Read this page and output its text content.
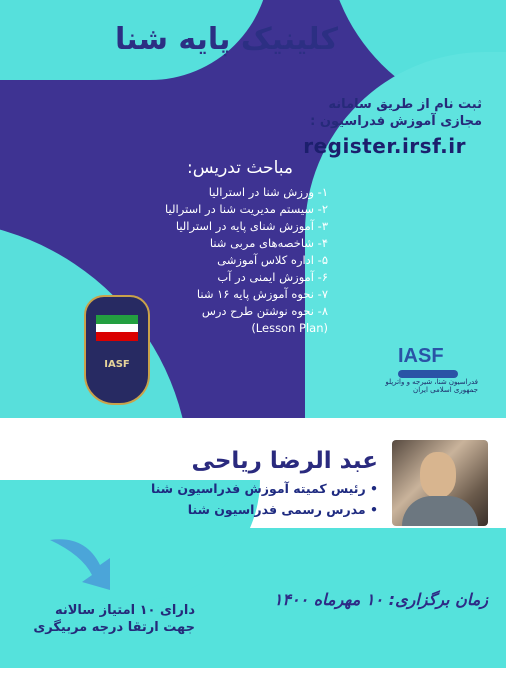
کلینیک پایه شنا
ثبت نام از طریق سامانه
مجازی آموزش فدراسیون :
register.irsf.ir
مباحث تدریس:
۱- ورزش شنا در استرالیا
۲- سیستم مدیریت شنا در استرالیا
۳- آموزش شنای پایه در استرالیا
۴- شاخصه‌های مربی شنا
۵- اداره کلاس آموزشی
۶- آموزش ایمنی در آب
۷- نحوه آموزش پایه ۱۶ شنا
۸- نحوه نوشتن طرح درس
(Lesson Plan)
IASF	IASF
فدراسیون شنا، شیرجه و واترپلو
جمهوری اسلامی ایران
عبد الرضا ریاحی
• رئیس کمیته آموزش فدراسیون شنا
• مدرس رسمی فدراسیون شنا
دارای ۱۰ امتیاز سالانه
جهت ارتقا درجه مربیگری
زمان برگزاری: ۱۰ مهرماه ۱۴۰۰
